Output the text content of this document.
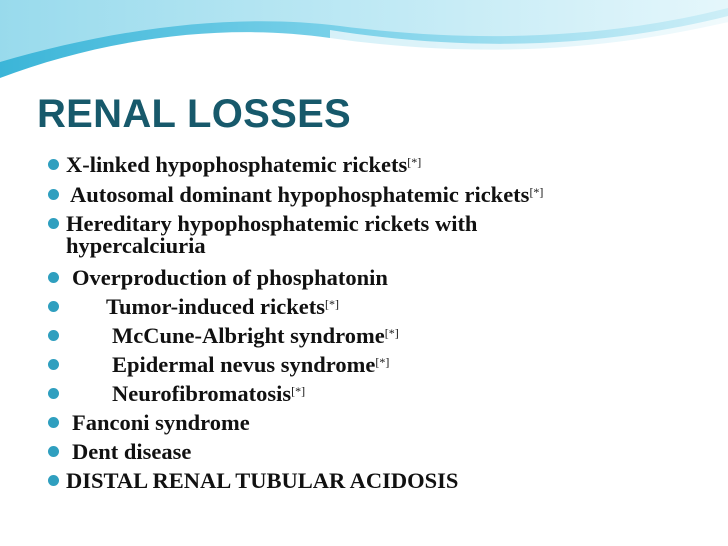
RENAL LOSSES
X-linked hypophosphatemic rickets[*]
Autosomal dominant hypophosphatemic rickets[*]
Hereditary hypophosphatemic rickets with hypercalciuria
Overproduction of phosphatonin
Tumor-induced rickets[*]
McCune-Albright syndrome[*]
Epidermal nevus syndrome[*]
Neurofibromatosis[*]
Fanconi syndrome
Dent disease
DISTAL RENAL TUBULAR ACIDOSIS
